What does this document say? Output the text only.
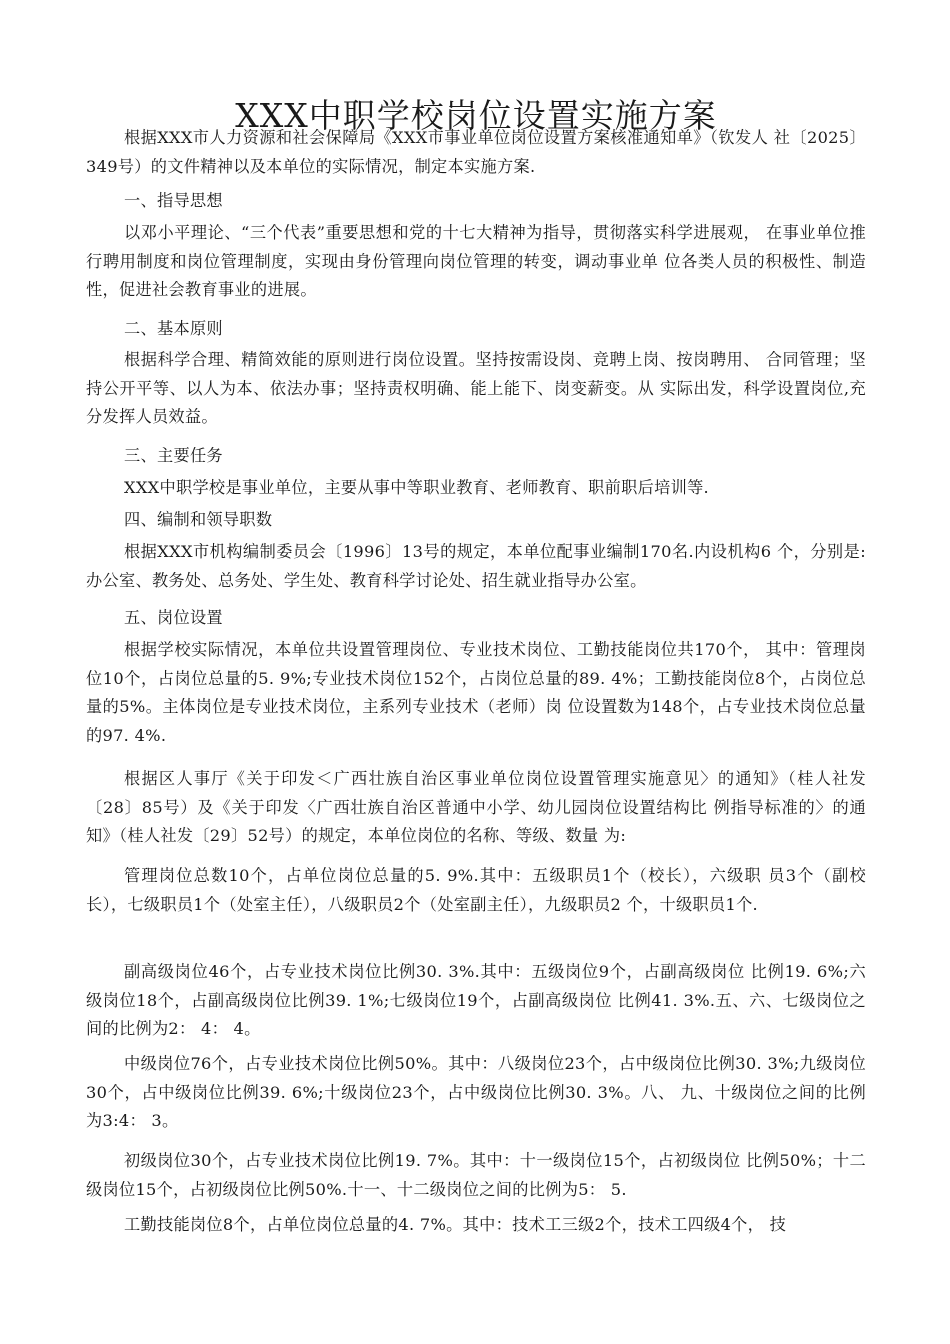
XXX中职学校岗位设置实施方案

根据XXX市人力资源和社会保障局《XXX市事业单位岗位设置方案核准通知单》（钦发人 社〔2025〕349号）的文件精神以及本单位的实际情况，制定本实施方案.

一、指导思想

以邓小平理论、“三个代表”重要思想和党的十七大精神为指导，贯彻落实科学进展观， 在事业单位推行聘用制度和岗位管理制度，实现由身份管理向岗位管理的转变，调动事业单 位各类人员的积极性、制造性，促进社会教育事业的进展。

二、基本原则

根据科学合理、精简效能的原则进行岗位设置。坚持按需设岗、竞聘上岗、按岗聘用、 合同管理；坚持公开平等、以人为本、依法办事；坚持责权明确、能上能下、岗变薪变。从 实际出发，科学设置岗位,充分发挥人员效益。

三、主要任务

XXX中职学校是事业单位，主要从事中等职业教育、老师教育、职前职后培训等.

四、编制和领导职数

根据XXX市机构编制委员会〔1996〕13号的规定，本单位配事业编制170名.内设机构6 个，分别是:办公室、教务处、总务处、学生处、教育科学讨论处、招生就业指导办公室。

五、岗位设置

根据学校实际情况，本单位共设置管理岗位、专业技术岗位、工勤技能岗位共170个， 其中：管理岗位10个，占岗位总量的5. 9%;专业技术岗位152个，占岗位总量的89. 4%；工勤技能岗位8个，占岗位总量的5%。主体岗位是专业技术岗位，主系列专业技术（老师）岗 位设置数为148个，占专业技术岗位总量的97. 4%.

根据区人事厅《关于印发＜广西壮族自治区事业单位岗位设置管理实施意见〉的通知》（桂人社发〔28〕85号）及《关于印发〈广西壮族自治区普通中小学、幼儿园岗位设置结构比 例指导标准的〉的通知》（桂人社发〔29〕52号）的规定，本单位岗位的名称、等级、数量 为:

管理岗位总数10个，占单位岗位总量的5. 9%.其中：五级职员1个（校长），六级职 员3个（副校长），七级职员1个（处室主任），八级职员2个（处室副主任），九级职员2 个，十级职员1个.

副高级岗位46个，占专业技术岗位比例30. 3%.其中：五级岗位9个，占副高级岗位 比例19. 6%;六级岗位18个，占副高级岗位比例39. 1%;七级岗位19个，占副高级岗位 比例41. 3%.五、六、七级岗位之间的比例为2： 4： 4。

中级岗位76个，占专业技术岗位比例50%。其中：八级岗位23个，占中级岗位比例30. 3%;九级岗位30个，占中级岗位比例39. 6%;十级岗位23个，占中级岗位比例30. 3%。八、 九、十级岗位之间的比例为3:4： 3。

初级岗位30个，占专业技术岗位比例19. 7%。其中：十一级岗位15个，占初级岗位 比例50%；十二级岗位15个，占初级岗位比例50%.十一、十二级岗位之间的比例为5： 5.

工勤技能岗位8个，占单位岗位总量的4. 7%。其中：技术工三级2个，技术工四级4个， 技
